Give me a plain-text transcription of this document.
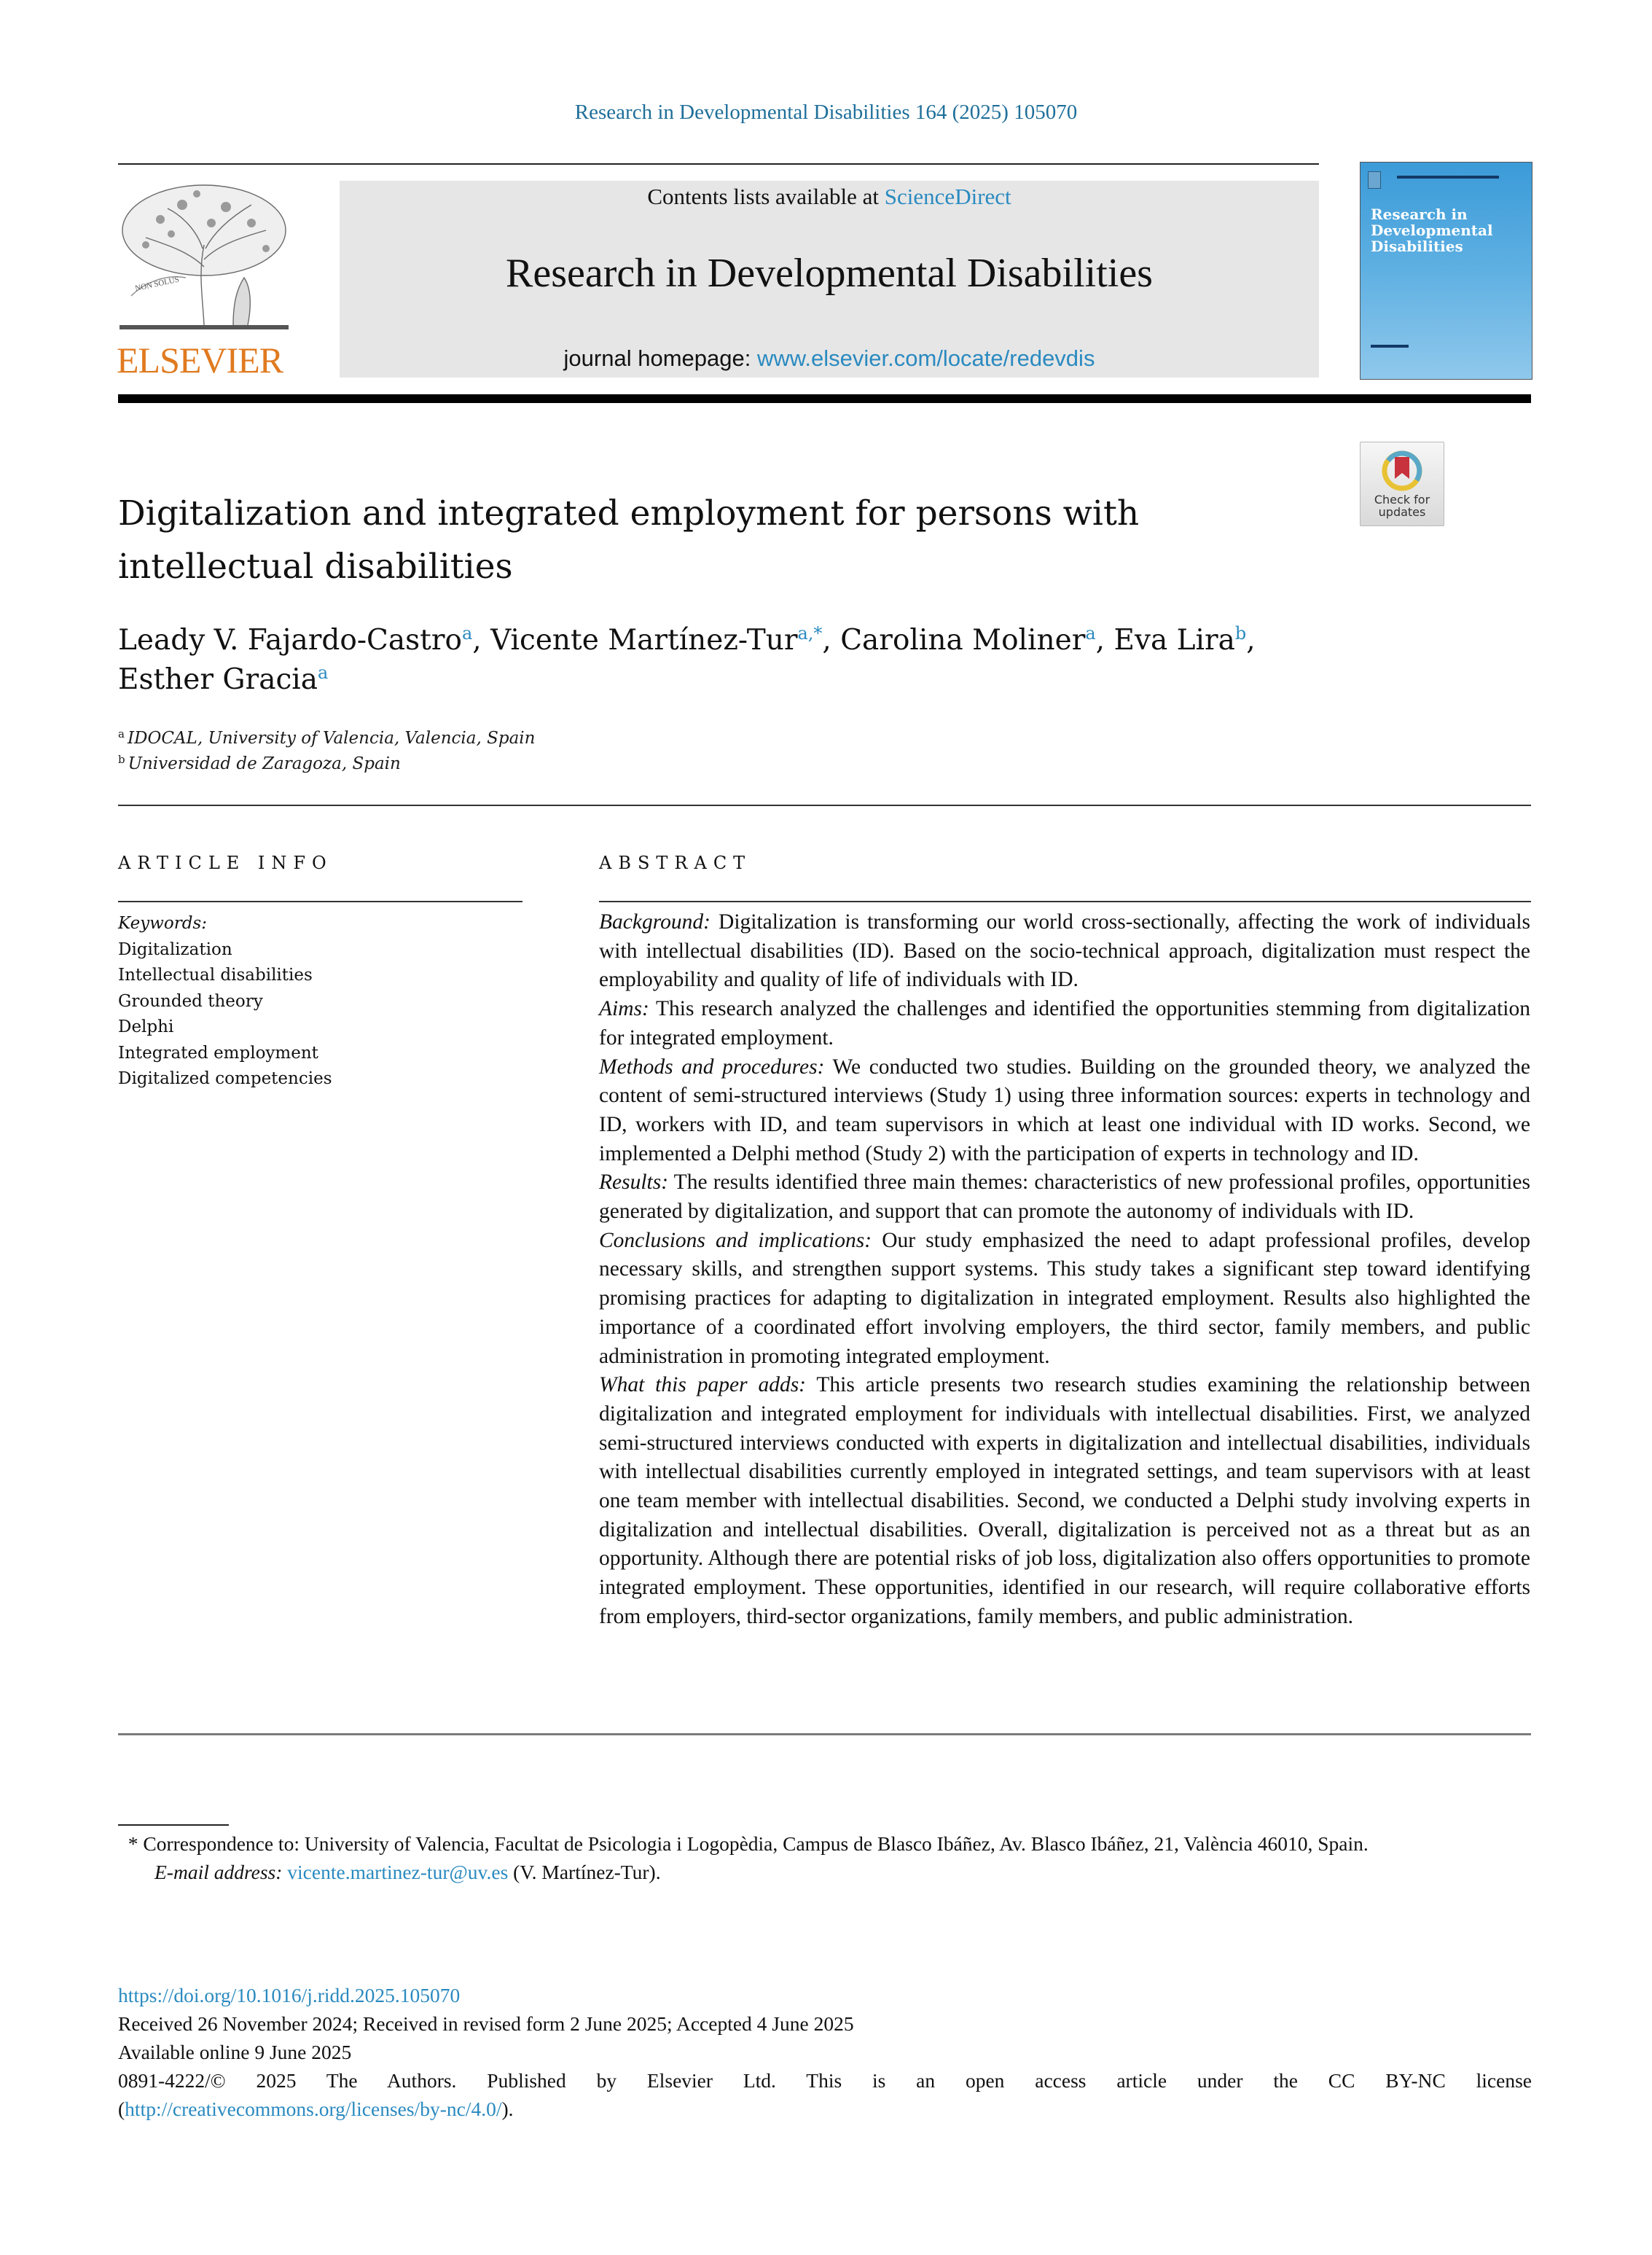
Research in Developmental Disabilities 164 (2025) 105070
NON SOLUS
ELSEVIER
Contents lists available at ScienceDirect
Research in Developmental Disabilities
journal homepage: www.elsevier.com/locate/redevdis
Research in Developmental Disabilities
Digitalization and integrated employment for persons with intellectual disabilities
Check for
updates
Leady V. Fajardo-Castro$^a$, Vicente Martínez-Tur$^{a,*}$, Carolina Moliner$^a$, Eva Lira$^b$,
Esther Gracia$^a$
$^a$ IDOCAL, University of Valencia, Valencia, Spain
$^b$ Universidad de Zaragoza, Spain
ARTICLE INFO
Keywords:
Digitalization
Intellectual disabilities
Grounded theory
Delphi
Integrated employment
Digitalized competencies
ABSTRACT

Background: Digitalization is transforming our world cross-sectionally, affecting the work of individuals with intellectual disabilities (ID). Based on the socio-technical approach, digitalization must respect the employability and quality of life of individuals with ID.

Aims: This research analyzed the challenges and identified the opportunities stemming from digitalization for integrated employment.

Methods and procedures: We conducted two studies. Building on the grounded theory, we analyzed the content of semi-structured interviews (Study 1) using three information sources: experts in technology and ID, workers with ID, and team supervisors in which at least one individual with ID works. Second, we implemented a Delphi method (Study 2) with the participation of experts in technology and ID.

Results: The results identified three main themes: characteristics of new professional profiles, opportunities generated by digitalization, and support that can promote the autonomy of individuals with ID.

Conclusions and implications: Our study emphasized the need to adapt professional profiles, develop necessary skills, and strengthen support systems. This study takes a significant step toward identifying promising practices for adapting to digitalization in integrated employment. Results also highlighted the importance of a coordinated effort involving employers, the third sector, family members, and public administration in promoting integrated employment.

What this paper adds: This article presents two research studies examining the relationship between digitalization and integrated employment for individuals with intellectual disabilities. First, we analyzed semi-structured interviews conducted with experts in digitalization and intellectual disabilities, individuals with intellectual disabilities currently employed in integrated settings, and team supervisors with at least one team member with intellectual disabilities. Second, we conducted a Delphi study involving experts in digitalization and intellectual disabilities. Overall, digitalization is perceived not as a threat but as an opportunity. Although there are potential risks of job loss, digitalization also offers opportunities to promote integrated employment. These opportunities, identified in our research, will require collaborative efforts from employers, third-sector organizations, family members, and public administration.

* Correspondence to: University of Valencia, Facultat de Psicologia i Logopèdia, Campus de Blasco Ibáñez, Av. Blasco Ibáñez, 21, València 46010, Spain.
E-mail address: vicente.martinez-tur@uv.es (V. Martínez-Tur).
https://doi.org/10.1016/j.ridd.2025.105070
Received 26 November 2024; Received in revised form 2 June 2025; Accepted 4 June 2025
Available online 9 June 2025
0891-4222/© 2025 The Authors. Published by Elsevier Ltd. This is an open access article under the CC BY-NC license
(http://creativecommons.org/licenses/by-nc/4.0/).
